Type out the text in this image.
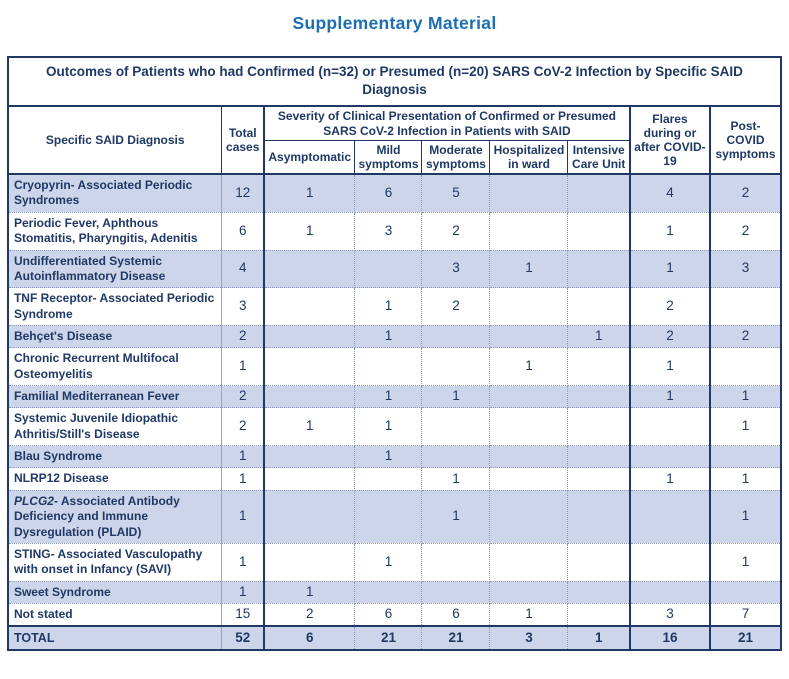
Supplementary Material
Outcomes of Patients who had Confirmed (n=32) or Presumed (n=20) SARS CoV-2 Infection by Specific SAID Diagnosis								
Specific SAID Diagnosis	Total cases	Severity of Clinical Presentation of Confirmed or Presumed SARS CoV-2 Infection in Patients with SAID					Flares during or after COVID-19	Post-COVID symptoms
		Asymptomatic	Mild symptoms	Moderate symptoms	Hospitalized in ward	Intensive Care Unit		
Cryopyrin- Associated Periodic Syndromes	12	1	6	5			4	2
Periodic Fever, Aphthous Stomatitis, Pharyngitis, Adenitis	6	1	3	2			1	2
Undifferentiated Systemic Autoinflammatory Disease	4			3	1		1	3
TNF Receptor- Associated Periodic Syndrome	3		1	2			2	
Behçet's Disease	2		1			1	2	2
Chronic Recurrent Multifocal Osteomyelitis	1				1		1	
Familial Mediterranean Fever	2		1	1			1	1
Systemic Juvenile Idiopathic Athritis/Still's Disease	2	1	1					1
Blau Syndrome	1		1					
NLRP12 Disease	1			1			1	1
PLCG2- Associated Antibody Deficiency and Immune Dysregulation (PLAID)	1			1				1
STING- Associated Vasculopathy with onset in Infancy (SAVI)	1		1					1
Sweet Syndrome	1	1						
Not stated	15	2	6	6	1		3	7
TOTAL	52	6	21	21	3	1	16	21
